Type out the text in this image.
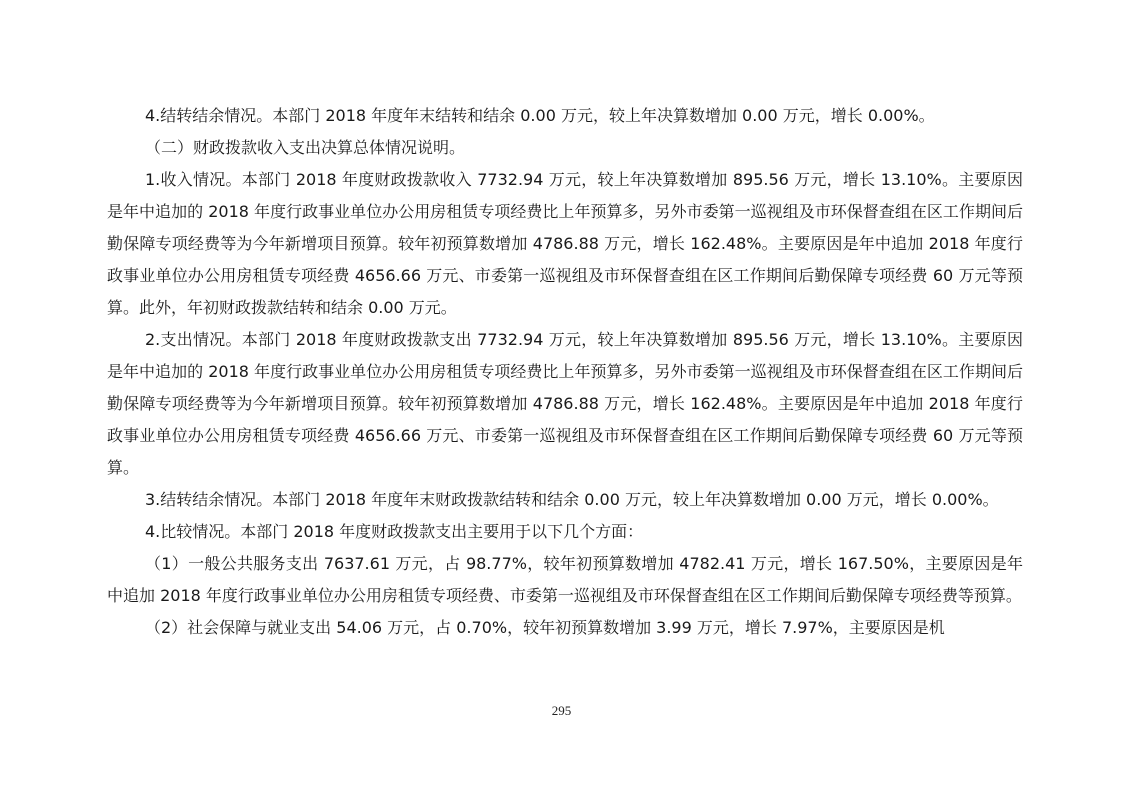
4.结转结余情况。本部门 2018 年度年末结转和结余 0.00 万元，较上年决算数增加 0.00 万元，增长 0.00%。

（二）财政拨款收入支出决算总体情况说明。

1.收入情况。本部门 2018 年度财政拨款收入 7732.94 万元，较上年决算数增加 895.56 万元，增长 13.10%。主要原因是年中追加的 2018 年度行政事业单位办公用房租赁专项经费比上年预算多，另外市委第一巡视组及市环保督查组在区工作期间后勤保障专项经费等为今年新增项目预算。较年初预算数增加 4786.88 万元，增长 162.48%。主要原因是年中追加 2018 年度行政事业单位办公用房租赁专项经费 4656.66 万元、市委第一巡视组及市环保督查组在区工作期间后勤保障专项经费 60 万元等预算。此外，年初财政拨款结转和结余 0.00 万元。

2.支出情况。本部门 2018 年度财政拨款支出 7732.94 万元，较上年决算数增加 895.56 万元，增长 13.10%。主要原因是年中追加的 2018 年度行政事业单位办公用房租赁专项经费比上年预算多，另外市委第一巡视组及市环保督查组在区工作期间后勤保障专项经费等为今年新增项目预算。较年初预算数增加 4786.88 万元，增长 162.48%。主要原因是年中追加 2018 年度行政事业单位办公用房租赁专项经费 4656.66 万元、市委第一巡视组及市环保督查组在区工作期间后勤保障专项经费 60 万元等预算。

3.结转结余情况。本部门 2018 年度年末财政拨款结转和结余 0.00 万元，较上年决算数增加 0.00 万元，增长 0.00%。

4.比较情况。本部门 2018 年度财政拨款支出主要用于以下几个方面：

（1）一般公共服务支出 7637.61 万元，占 98.77%，较年初预算数增加 4782.41 万元，增长 167.50%，主要原因是年中追加 2018 年度行政事业单位办公用房租赁专项经费、市委第一巡视组及市环保督查组在区工作期间后勤保障专项经费等预算。

（2）社会保障与就业支出 54.06 万元，占 0.70%，较年初预算数增加 3.99 万元，增长 7.97%，主要原因是机

295
